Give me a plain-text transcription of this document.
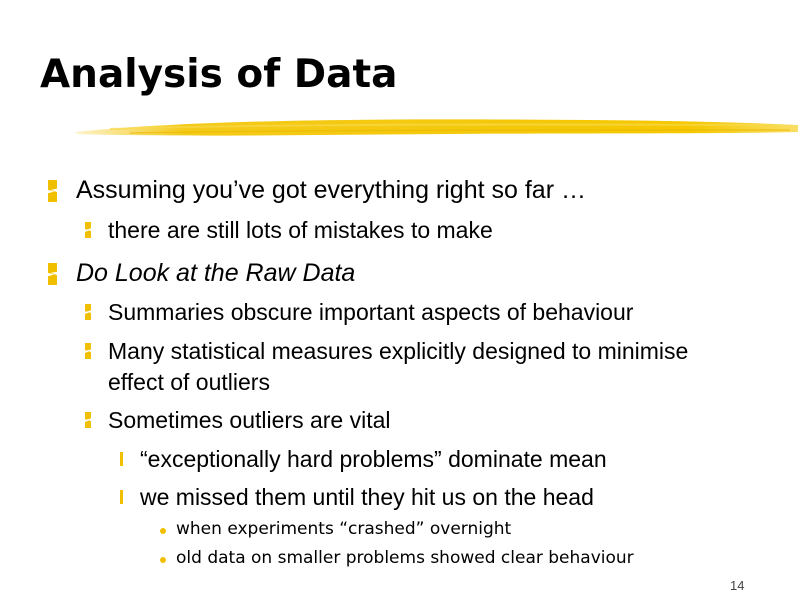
Analysis of Data
Assuming you’ve got everything right so far …
there are still lots of mistakes to make
Do Look at the Raw Data
Summaries obscure important aspects of behaviour
Many statistical measures explicitly designed to minimise
effect of outliers
Sometimes outliers are vital
“exceptionally hard problems” dominate mean
we missed them until they hit us on the head
when experiments “crashed” overnight
old data on smaller problems showed clear behaviour
14
